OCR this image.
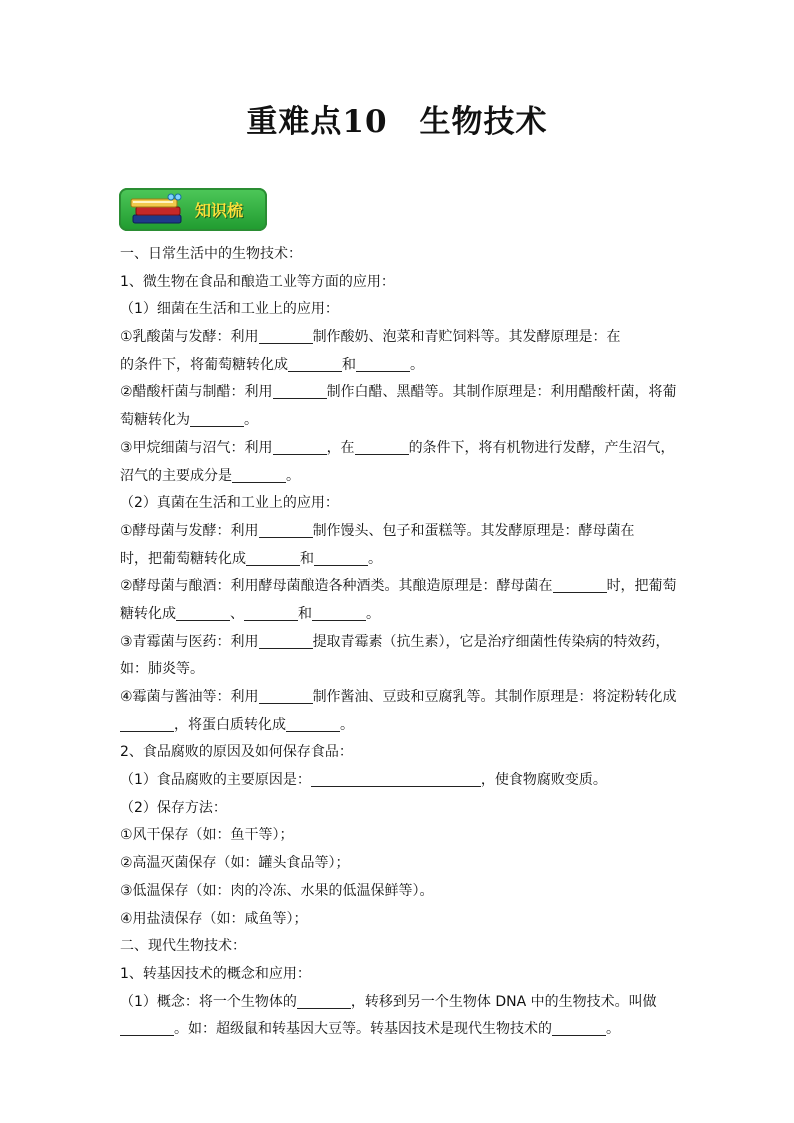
重难点10　生物技术
知识梳
一、日常生活中的生物技术：
1、微生物在食品和酿造工业等方面的应用：
（1）细菌在生活和工业上的应用：
①乳酸菌与发酵：利用	制作酸奶、泡菜和青贮饲料等。其发酵原理是：在
的条件下，将葡萄糖转化成	和	。
②醋酸杆菌与制醋：利用	制作白醋、黑醋等。其制作原理是：利用醋酸杆菌，将葡
萄糖转化为	。
③甲烷细菌与沼气：利用	，在	的条件下，将有机物进行发酵，产生沼气，
沼气的主要成分是	。
（2）真菌在生活和工业上的应用：
①酵母菌与发酵：利用	制作馒头、包子和蛋糕等。其发酵原理是：酵母菌在
时，把葡萄糖转化成	和	。
②酵母菌与酿酒：利用酵母菌酿造各种酒类。其酿造原理是：酵母菌在	时，把葡萄
糖转化成	、	和	。
③青霉菌与医药：利用	提取青霉素（抗生素），它是治疗细菌性传染病的特效药，
如：肺炎等。
④霉菌与酱油等：利用	制作酱油、豆豉和豆腐乳等。其制作原理是：将淀粉转化成
，将蛋白质转化成	。
2、食品腐败的原因及如何保存食品：
（1）食品腐败的主要原因是：	，使食物腐败变质。
（2）保存方法：
①风干保存（如：鱼干等）；
②高温灭菌保存（如：罐头食品等）；
③低温保存（如：肉的冷冻、水果的低温保鲜等）。
④用盐渍保存（如：咸鱼等）；
二、现代生物技术：
1、转基因技术的概念和应用：
（1）概念：将一个生物体的	，转移到另一个生物体 DNA 中的生物技术。叫做
。如：超级鼠和转基因大豆等。转基因技术是现代生物技术的	。
